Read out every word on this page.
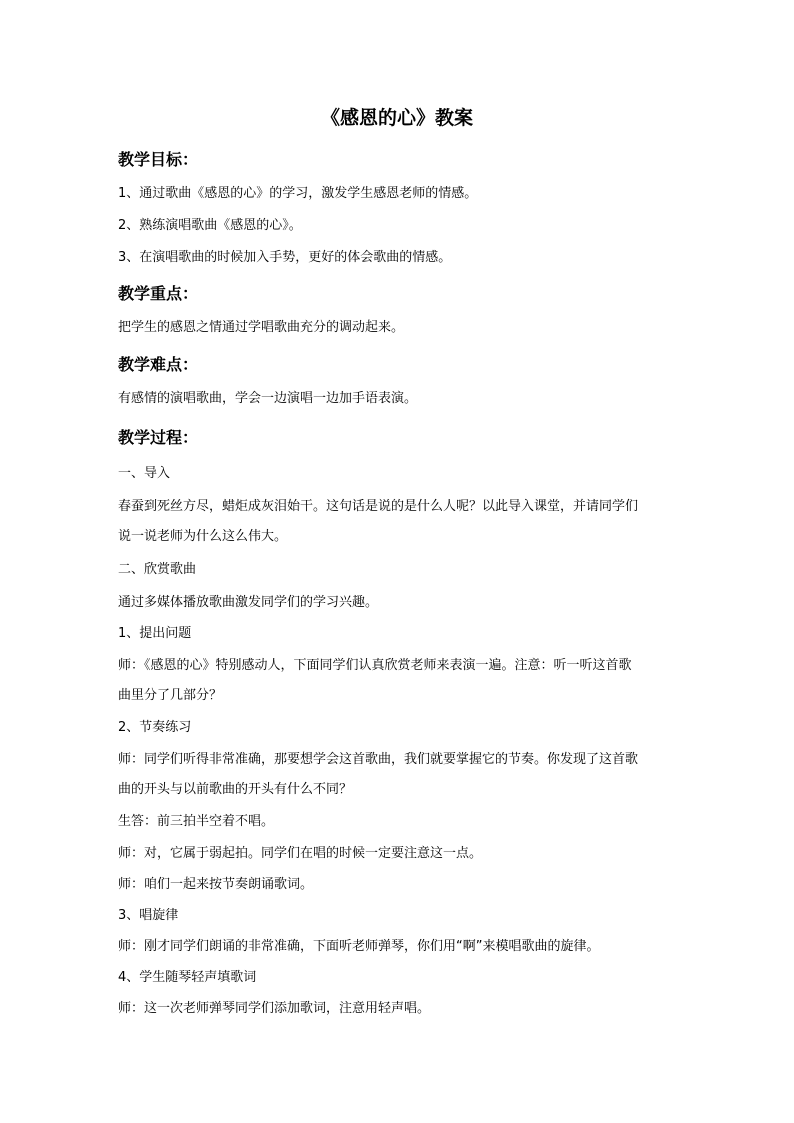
《感恩的心》教案
教学目标：
1、通过歌曲《感恩的心》的学习，激发学生感恩老师的情感。
2、熟练演唱歌曲《感恩的心》。
3、在演唱歌曲的时候加入手势，更好的体会歌曲的情感。
教学重点：
把学生的感恩之情通过学唱歌曲充分的调动起来。
教学难点：
有感情的演唱歌曲，学会一边演唱一边加手语表演。
教学过程：
一、导入
春蚕到死丝方尽，蜡炬成灰泪始干。这句话是说的是什么人呢？以此导入课堂，并请同学们
说一说老师为什么这么伟大。
二、欣赏歌曲
通过多媒体播放歌曲激发同学们的学习兴趣。
1、提出问题
师：《感恩的心》特别感动人，下面同学们认真欣赏老师来表演一遍。注意：听一听这首歌
曲里分了几部分？
2、节奏练习
师：同学们听得非常准确，那要想学会这首歌曲，我们就要掌握它的节奏。你发现了这首歌
曲的开头与以前歌曲的开头有什么不同？
生答：前三拍半空着不唱。
师：对，它属于弱起拍。同学们在唱的时候一定要注意这一点。
师：咱们一起来按节奏朗诵歌词。
3、唱旋律
师：刚才同学们朗诵的非常准确，下面听老师弹琴，你们用“啊”来模唱歌曲的旋律。
4、学生随琴轻声填歌词
师：这一次老师弹琴同学们添加歌词，注意用轻声唱。
